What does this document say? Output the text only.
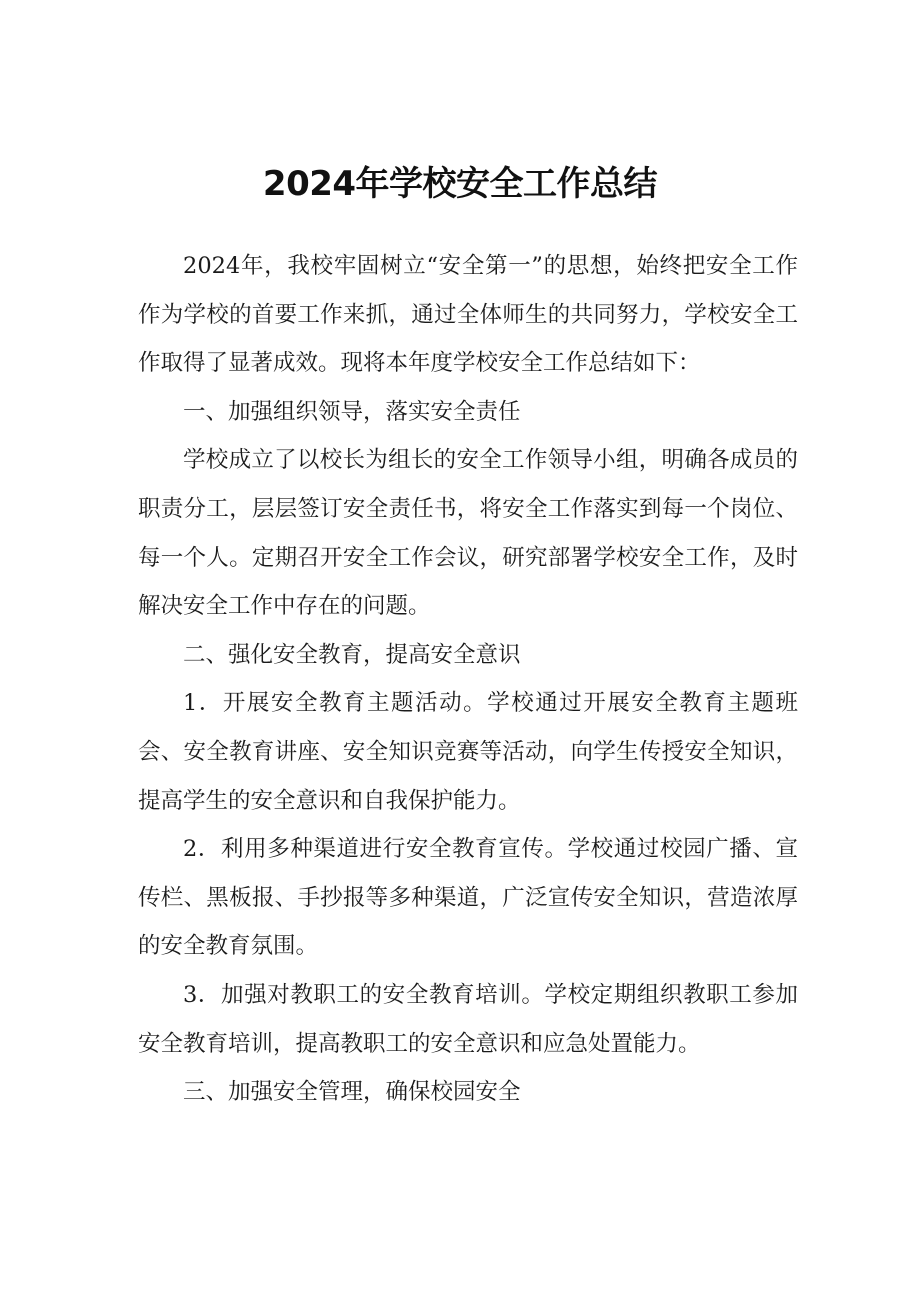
2024年学校安全工作总结

2024年，我校牢固树立“安全第一”的思想，始终把安全工作作为学校的首要工作来抓，通过全体师生的共同努力，学校安全工作取得了显著成效。现将本年度学校安全工作总结如下：

一、加强组织领导，落实安全责任

学校成立了以校长为组长的安全工作领导小组，明确各成员的职责分工，层层签订安全责任书，将安全工作落实到每一个岗位、每一个人。定期召开安全工作会议，研究部署学校安全工作，及时解决安全工作中存在的问题。

二、强化安全教育，提高安全意识

1．开展安全教育主题活动。学校通过开展安全教育主题班会、安全教育讲座、安全知识竞赛等活动，向学生传授安全知识，提高学生的安全意识和自我保护能力。

2．利用多种渠道进行安全教育宣传。学校通过校园广播、宣传栏、黑板报、手抄报等多种渠道，广泛宣传安全知识，营造浓厚的安全教育氛围。

3．加强对教职工的安全教育培训。学校定期组织教职工参加安全教育培训，提高教职工的安全意识和应急处置能力。

三、加强安全管理，确保校园安全
